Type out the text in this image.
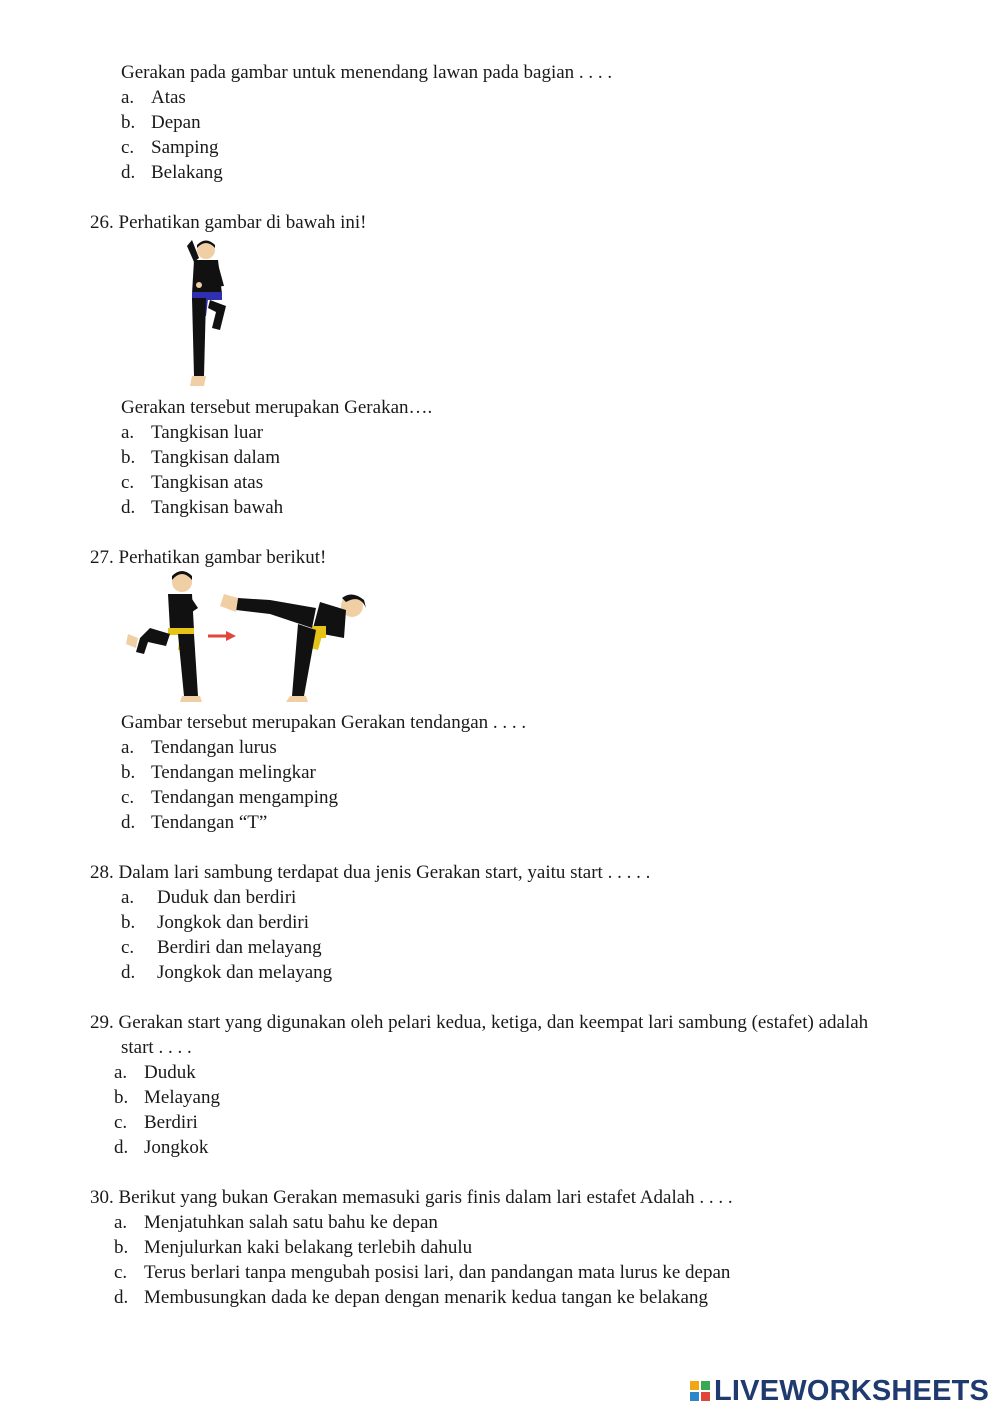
Gerakan pada gambar untuk menendang lawan pada bagian . . . .
a. Atas
b. Depan
c. Samping
d. Belakang
26. Perhatikan gambar di bawah ini!
Gerakan tersebut merupakan Gerakan….
a. Tangkisan luar
b. Tangkisan dalam
c. Tangkisan atas
d. Tangkisan bawah
27. Perhatikan gambar berikut!
Gambar tersebut merupakan Gerakan tendangan . . . .
a. Tendangan lurus
b. Tendangan melingkar
c. Tendangan mengamping
d. Tendangan “T”
28. Dalam lari sambung terdapat dua jenis Gerakan start, yaitu start . . . . .
a. Duduk dan berdiri
b. Jongkok dan berdiri
c. Berdiri dan melayang
d. Jongkok dan melayang
29. Gerakan start yang digunakan oleh pelari kedua, ketiga, dan keempat lari sambung (estafet) adalah
start . . . .
a. Duduk
b. Melayang
c. Berdiri
d. Jongkok
30. Berikut yang bukan Gerakan memasuki garis finis dalam lari estafet Adalah . . . .
a. Menjatuhkan salah satu bahu ke depan
b. Menjulurkan kaki belakang terlebih dahulu
c. Terus berlari tanpa mengubah posisi lari, dan pandangan mata lurus ke depan
d. Membusungkan dada ke depan dengan menarik kedua tangan ke belakang
LIVEWORKSHEETS
